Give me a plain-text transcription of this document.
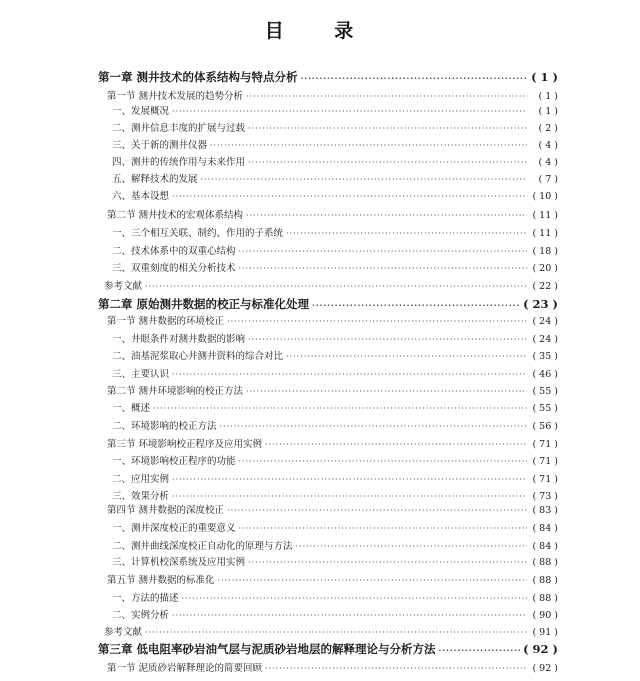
目 录
第一章 测井技术的体系结构与特点分析 ·····	( 1 )
第一节 测井技术发展的趋势分析 ·····	( 1 )
一、发展概况 ·····	( 1 )
二、测井信息丰度的扩展与过载 ·····	( 2 )
三、关于新的测井仪器 ·····	( 4 )
四、测井的传统作用与未来作用 ·····	( 4 )
五、解释技术的发展 ·····	( 7 )
六、基本设想 ·····	( 10 )
第二节 测井技术的宏观体系结构 ·····	( 11 )
一、三个相互关联、制约、作用的子系统 ·····	( 11 )
二、技术体系中的双重心结构 ·····	( 18 )
三、双重刻度的相关分析技术 ·····	( 20 )
参考文献 ·····	( 22 )
第二章 原始测井数据的校正与标准化处理 ·····	( 23 )
第一节 测井数据的环境校正 ·····	( 24 )
一、井眼条件对测井数据的影响 ·····	( 24 )
二、油基泥浆取心井测井资料的综合对比 ·····	( 35 )
三、主要认识 ·····	( 46 )
第二节 测井环境影响的校正方法 ·····	( 55 )
一、概述 ·····	( 55 )
二、环境影响的校正方法 ·····	( 56 )
第三节 环境影响校正程序及应用实例 ·····	( 71 )
一、环境影响校正程序的功能 ·····	( 71 )
二、应用实例 ·····	( 71 )
三、效果分析 ·····	( 73 )
第四节 测井数据的深度校正 ·····	( 83 )
一、测井深度校正的重要意义 ·····	( 84 )
二、测井曲线深度校正自动化的原理与方法 ·····	( 84 )
三、计算机校深系统及应用实例 ·····	( 88 )
第五节 测井数据的标准化 ·····	( 88 )
一、方法的描述 ·····	( 88 )
二、实例分析 ·····	( 90 )
参考文献 ·····	( 91 )
第三章 低电阻率砂岩油气层与泥质砂岩地层的解释理论与分析方法 ·····	( 92 )
第一节 泥质砂岩解释理论的简要回顾 ·····	( 92 )
